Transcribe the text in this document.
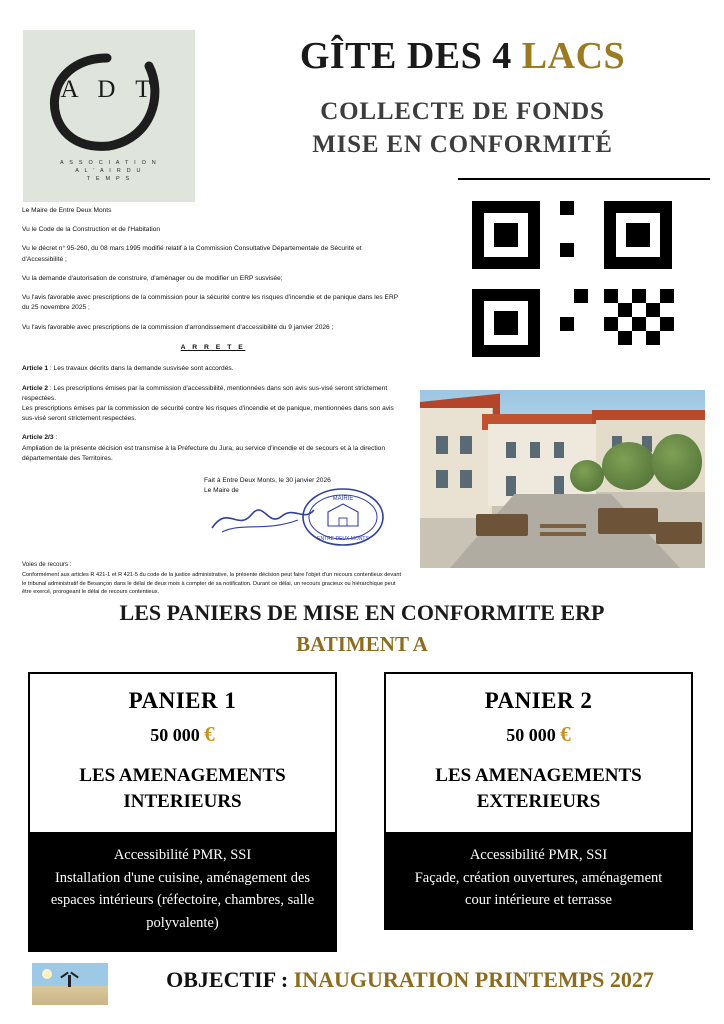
A D T
A S S O C I A T I O N
A L ' A I R D U
T E M P S
GÎTE DES 4 LACS
COLLECTE DE FONDS
MISE EN CONFORMITÉ

Le Maire de Entre Deux Monts

Vu le Code de la Construction et de l'Habitation

Vu le décret n° 95-260, du 08 mars 1995 modifié relatif à la Commission Consultative Départementale de Sécurité et d'Accessibilité ;

Vu la demande d'autorisation de construire, d'aménager ou de modifier un ERP susvisée;

Vu l'avis favorable avec prescriptions de la commission pour la sécurité contre les risques d'incendie et de panique dans les ERP du 25 novembre 2025 ;

Vu l'avis favorable avec prescriptions de la commission d'arrondissement d'accessibilité du 9 janvier 2026 ;

A R R E T E

Article 1 : Les travaux décrits dans la demande susvisée sont accordés.

Article 2 : Les prescriptions émises par la commission d'accessibilité, mentionnées dans son avis sus-visé seront strictement respectées.
Les prescriptions émises par la commission de sécurité contre les risques d'incendie et de panique, mentionnées dans son avis sus-visé seront strictement respectées.

Article 2/3 :
Ampliation de la présente décision est transmise à la Préfecture du Jura, au service d'incendie et de secours et à la direction départementale des Territoires.

Fait à Entre Deux Monts, le 30 janvier 2026
Le Maire de
MAIRIE
ENTRE DEUX MONTS
Voies de recours :
Conformément aux articles R 421-1 et R 421-5 du code de la justice administrative, la présente décision peut faire l'objet d'un recours contentieux devant le tribunal administratif de Besançon dans le délai de deux mois à compter de sa notification. Durant ce délai, un recours gracieux ou hiérarchique peut être exercé, prorogeant le délai de recours contentieux.
LES PANIERS DE MISE EN CONFORMITE ERP
BATIMENT A
PANIER 1
50 000 €
LES AMENAGEMENTS
INTERIEURS
Accessibilité PMR, SSI
Installation d'une cuisine, aménagement des
espaces intérieurs (réfectoire, chambres, salle
polyvalente)
PANIER 2
50 000 €
LES AMENAGEMENTS
EXTERIEURS
Accessibilité PMR, SSI
Façade, création ouvertures, aménagement
cour intérieure et terrasse
OBJECTIF : INAUGURATION PRINTEMPS 2027
